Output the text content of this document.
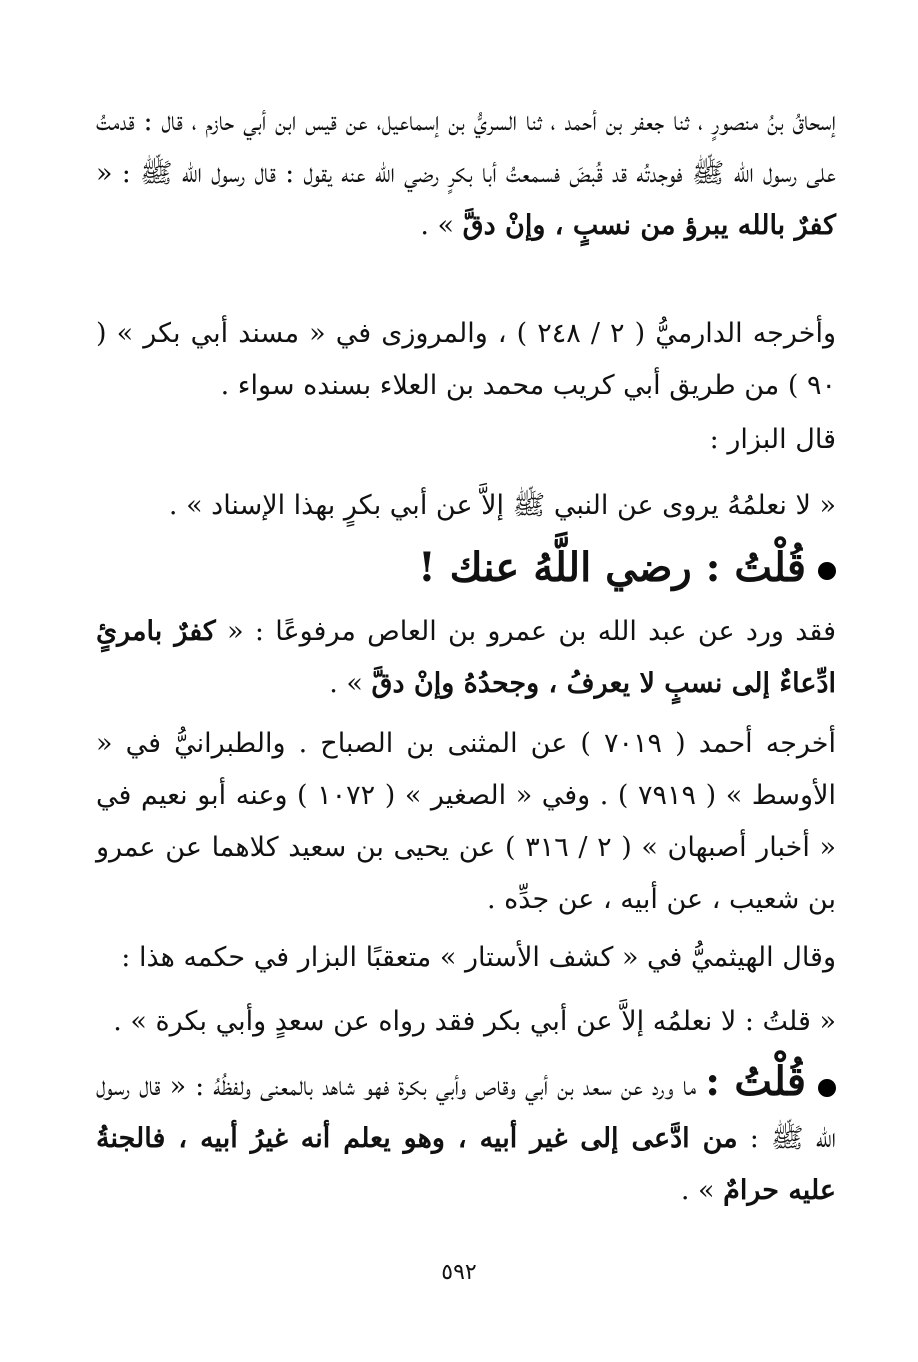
إسحاقُ بنُ منصورٍ ، ثنا جعفر بن أحمد ، ثنا السريُّ بن إسماعيل، عن قيس ابن أبي حازم ، قال : قدمتُ على رسول الله ﷺ فوجدتُه قد قُبضَ فسمعتُ أبا بكرٍ رضي الله عنه يقول : قال رسول الله ﷺ : « كفرٌ بالله يبرؤ من نسبٍ ، وإنْ دقَّ » .
وأخرجه الدارميُّ ( ٢ / ٢٤٨ ) ، والمروزى في « مسند أبي بكر » ( ٩٠ ) من طريق أبي كريب محمد بن العلاء بسنده سواء .
قال البزار :
« لا نعلمُهُ يروى عن النبي ﷺ إلاَّ عن أبي بكرٍ بهذا الإسناد » .
قُلْتُ : رضي اللَّهُ عنك !
فقد ورد عن عبد الله بن عمرو بن العاص مرفوعًا : « كفرٌ بامرئٍ ادِّعاءٌ إلى نسبٍ لا يعرفُ ، وجحدُهُ وإنْ دقَّ » .
أخرجه أحمد ( ٧٠١٩ ) عن المثنى بن الصباح . والطبرانيُّ في « الأوسط » ( ٧٩١٩ ) . وفي « الصغير » ( ١٠٧٢ ) وعنه أبو نعيم في « أخبار أصبهان » ( ٢ / ٣١٦ ) عن يحيى بن سعيد كلاهما عن عمرو بن شعيب ، عن أبيه ، عن جدِّه .
وقال الهيثميُّ في « كشف الأستار » متعقبًا البزار في حكمه هذا :
« قلتُ : لا نعلمُه إلاَّ عن أبي بكر فقد رواه عن سعدٍ وأبي بكرة » .
قُلْتُ : ما ورد عن سعد بن أبي وقاص وأبي بكرة فهو شاهد بالمعنى ولفظُهُ : « قال رسول الله ﷺ : من ادَّعى إلى غير أبيه ، وهو يعلم أنه غيرُ أبيه ، فالجنةُ عليه حرامٌ » .
٥٩٢
